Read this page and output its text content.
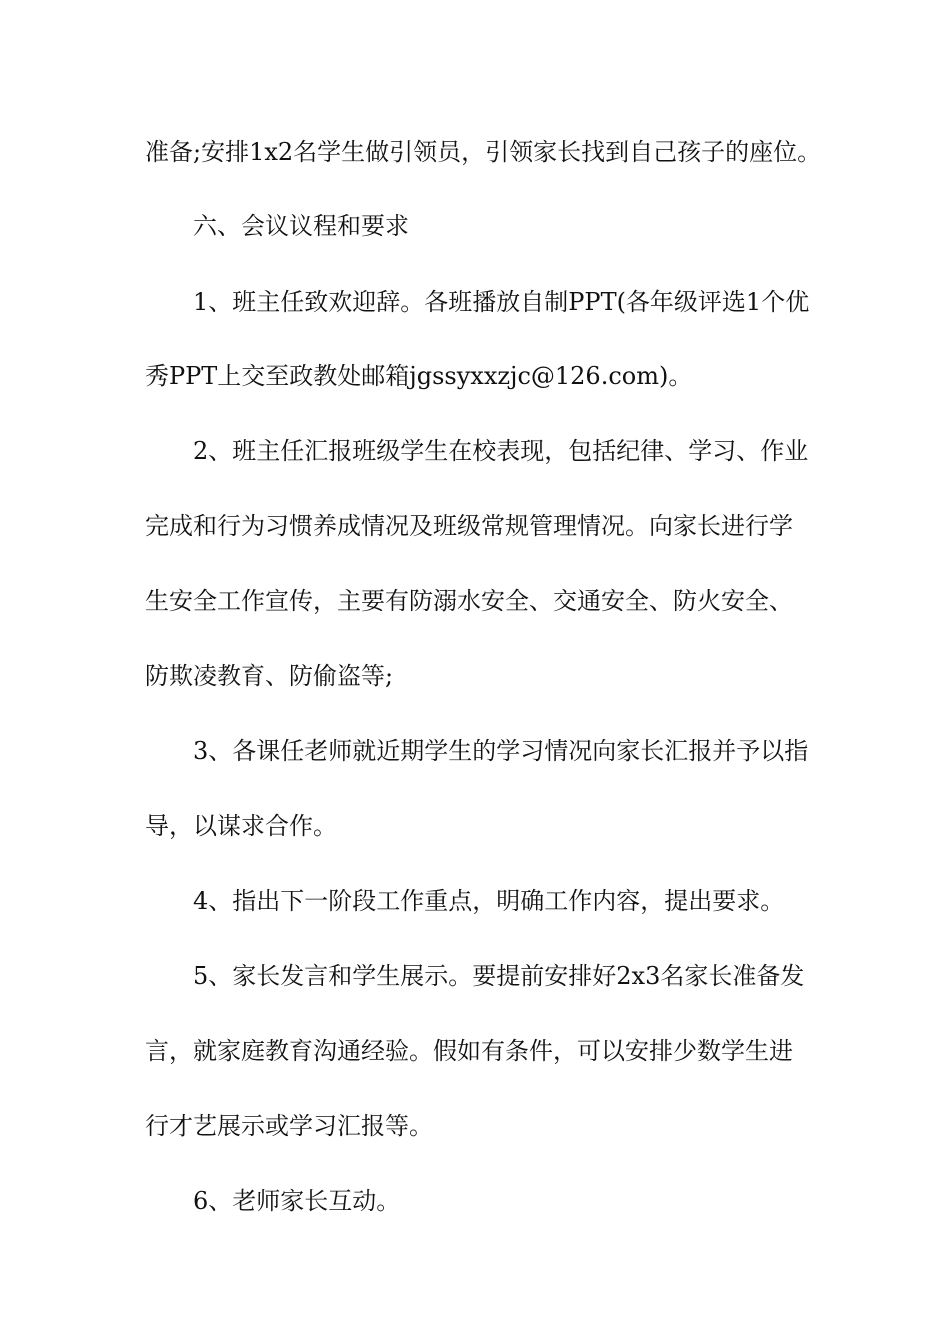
准备;安排1x2名学生做引领员，引领家长找到自己孩子的座位。
六、会议议程和要求
1、班主任致欢迎辞。各班播放自制PPT(各年级评选1个优
秀PPT上交至政教处邮箱jgssyxxzjc@126.com)。
2、班主任汇报班级学生在校表现，包括纪律、学习、作业
完成和行为习惯养成情况及班级常规管理情况。向家长进行学
生安全工作宣传，主要有防溺水安全、交通安全、防火安全、
防欺凌教育、防偷盗等;
3、各课任老师就近期学生的学习情况向家长汇报并予以指
导，以谋求合作。
4、指出下一阶段工作重点，明确工作内容，提出要求。
5、家长发言和学生展示。要提前安排好2x3名家长准备发
言，就家庭教育沟通经验。假如有条件，可以安排少数学生进
行才艺展示或学习汇报等。
6、老师家长互动。
